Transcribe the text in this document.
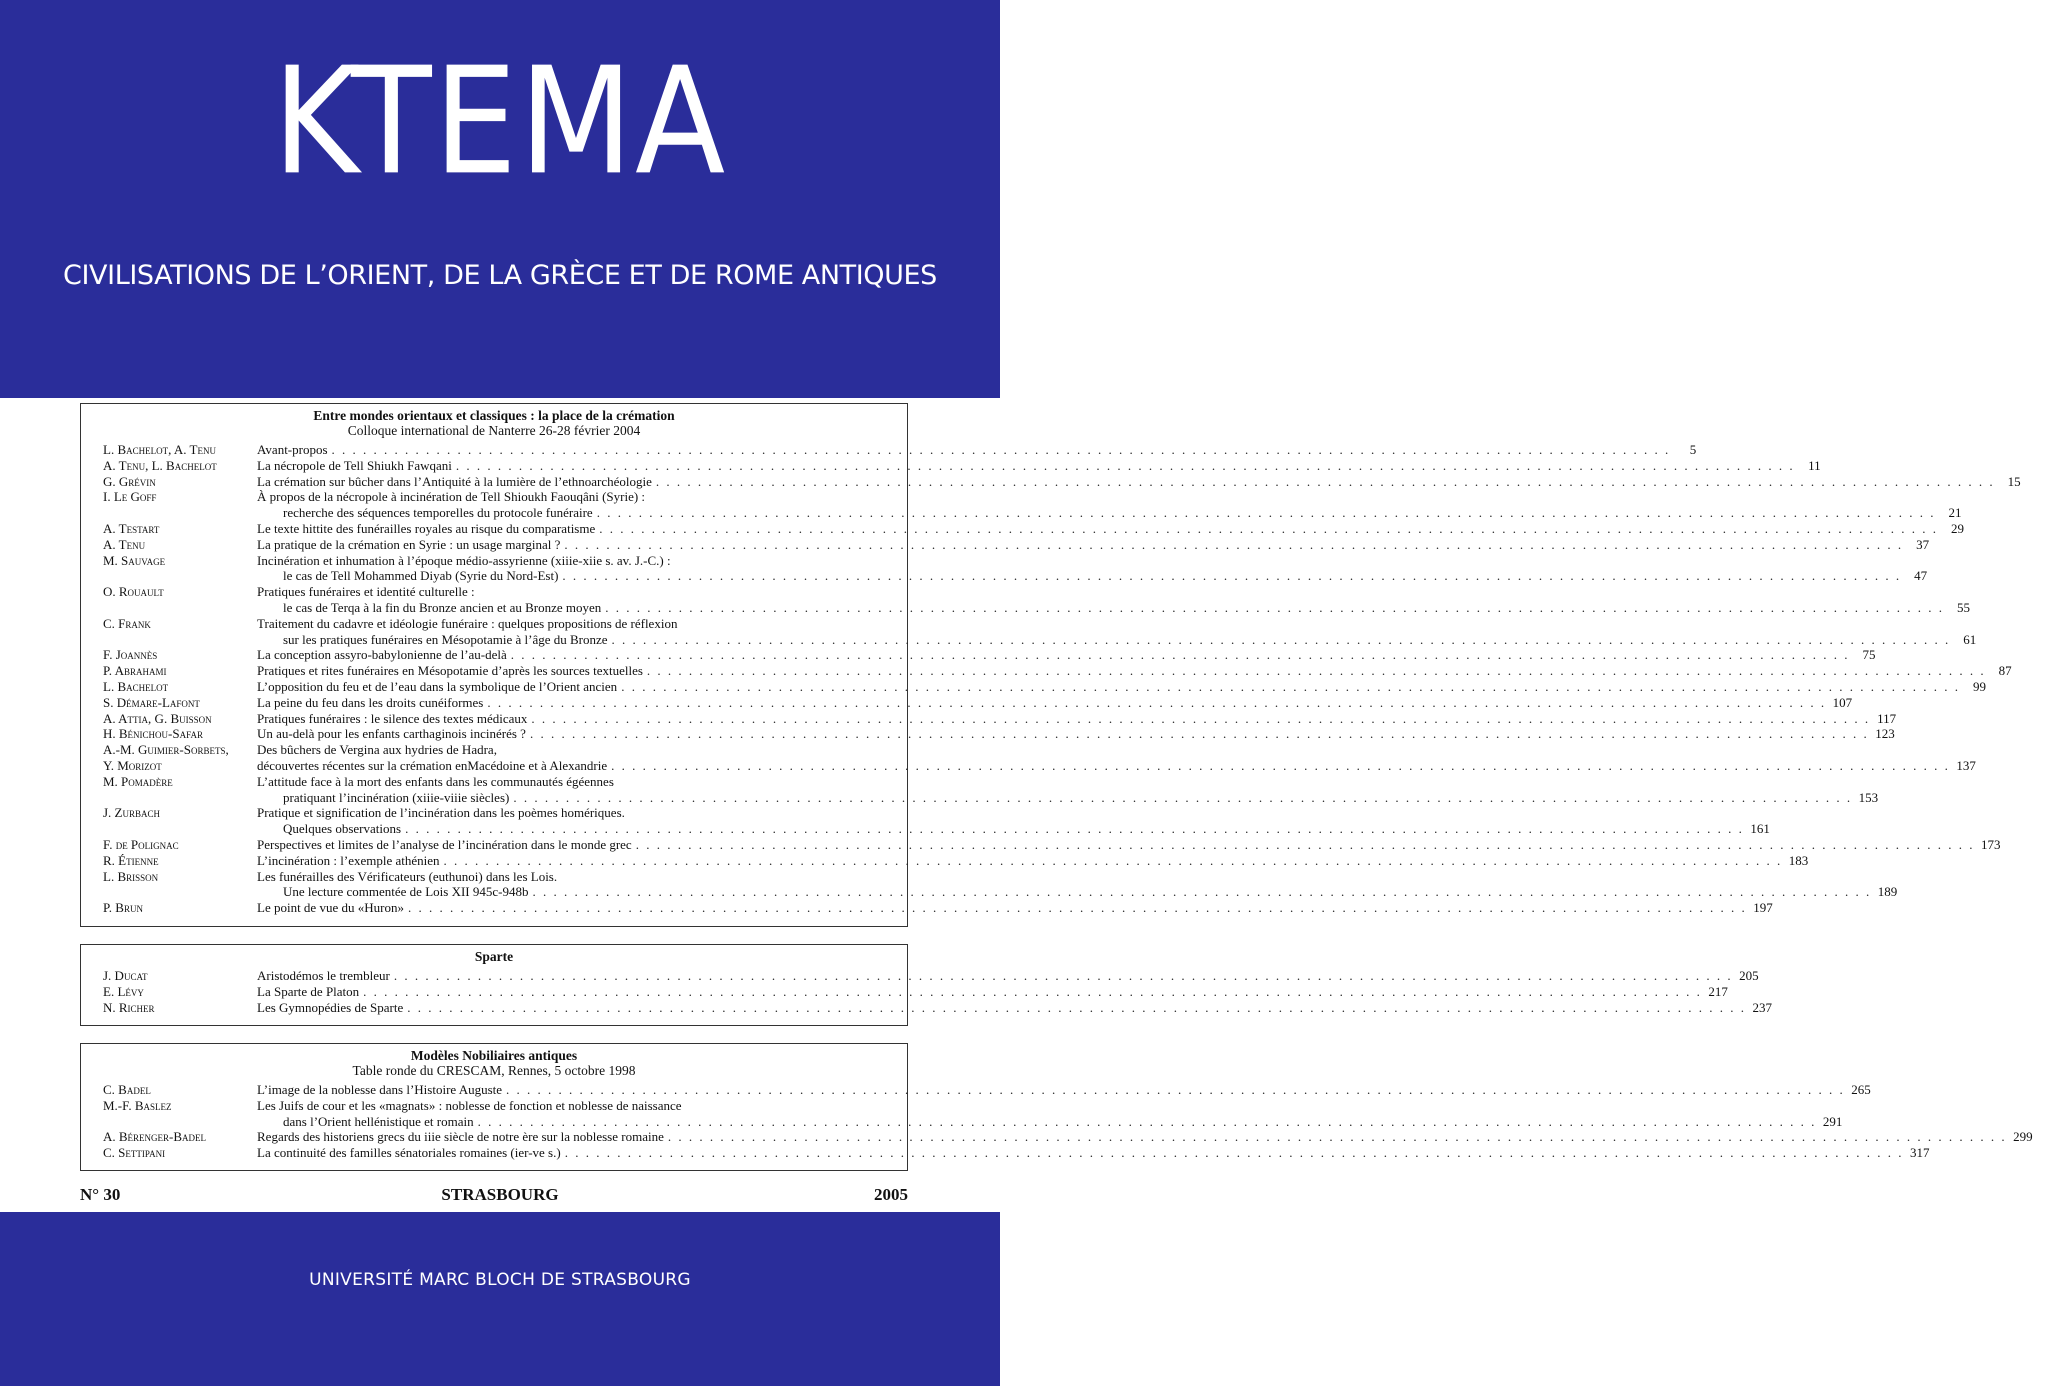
KTEMA
CIVILISATIONS DE L’ORIENT, DE LA GRÈCE ET DE ROME ANTIQUES
Entre mondes orientaux et classiques : la place de la crémation
Colloque international de Nanterre 26-28 février 2004
L. Bachelot, A. Tenu	Avant-propos . . .	5
A. Tenu, L. Bachelot	La nécropole de Tell Shiukh Fawqani . . .	11
G. Grévin	La crémation sur bûcher dans l’Antiquité à la lumière de l’ethnoarchéologie . . .	15
I. Le Goff	À propos de la nécropole à incinération de Tell Shioukh Faouqâni (Syrie) :
recherche des séquences temporelles du protocole funéraire . . .	21
A. Testart	Le texte hittite des funérailles royales au risque du comparatisme . . .	29
A. Tenu	La pratique de la crémation en Syrie : un usage marginal ? . . .	37
M. Sauvage	Incinération et inhumation à l’époque médio-assyrienne (xiiie-xiie s. av. J.-C.) :
le cas de Tell Mohammed Diyab (Syrie du Nord-Est) . . .	47
O. Rouault	Pratiques funéraires et identité culturelle :
le cas de Terqa à la fin du Bronze ancien et au Bronze moyen . . .	55
C. Frank	Traitement du cadavre et idéologie funéraire : quelques propositions de réflexion
sur les pratiques funéraires en Mésopotamie à l’âge du Bronze . . .	61
F. Joannès	La conception assyro-babylonienne de l’au-delà . . .	75
P. Abrahami	Pratiques et rites funéraires en Mésopotamie d’après les sources textuelles . . .	87
L. Bachelot	L’opposition du feu et de l’eau dans la symbolique de l’Orient ancien . . .	99
S. Démare-Lafont	La peine du feu dans les droits cunéiformes . . .	107
A. Attia, G. Buisson	Pratiques funéraires : le silence des textes médicaux . . .	117
H. Bénichou-Safar	Un au-delà pour les enfants carthaginois incinérés ? . . .	123
A.-M. Guimier-Sorbets,	Des bûchers de Vergina aux hydries de Hadra,
Y. Morizot	découvertes récentes sur la crémation enMacédoine et à Alexandrie . . .	137
M. Pomadère	L’attitude face à la mort des enfants dans les communautés égéennes
pratiquant l’incinération (xiiie-viiie siècles) . . .	153
J. Zurbach	Pratique et signification de l’incinération dans les poèmes homériques.
Quelques observations . . .	161
F. de Polignac	Perspectives et limites de l’analyse de l’incinération dans le monde grec . . .	173
R. Étienne	L’incinération : l’exemple athénien . . .	183
L. Brisson	Les funérailles des Vérificateurs (euthunoi) dans les Lois.
Une lecture commentée de Lois XII 945c-948b . . .	189
P. Brun	Le point de vue du «Huron» . . .	197
Sparte
J. Ducat	Aristodémos le trembleur . . .	205
E. Lévy	La Sparte de Platon . . .	217
N. Richer	Les Gymnopédies de Sparte . . .	237
Modèles Nobiliaires antiques
Table ronde du CRESCAM, Rennes, 5 octobre 1998
C. Badel	L’image de la noblesse dans l’Histoire Auguste . . .	265
M.-F. Baslez	Les Juifs de cour et les «magnats» : noblesse de fonction et noblesse de naissance
dans l’Orient hellénistique et romain . . .	291
A. Bérenger-Badel	Regards des historiens grecs du iiie siècle de notre ère sur la noblesse romaine . . .	299
C. Settipani	La continuité des familles sénatoriales romaines (ier-ve s.) . . .	317
N° 30	STRASBOURG	2005
UNIVERSITÉ MARC BLOCH DE STRASBOURG
